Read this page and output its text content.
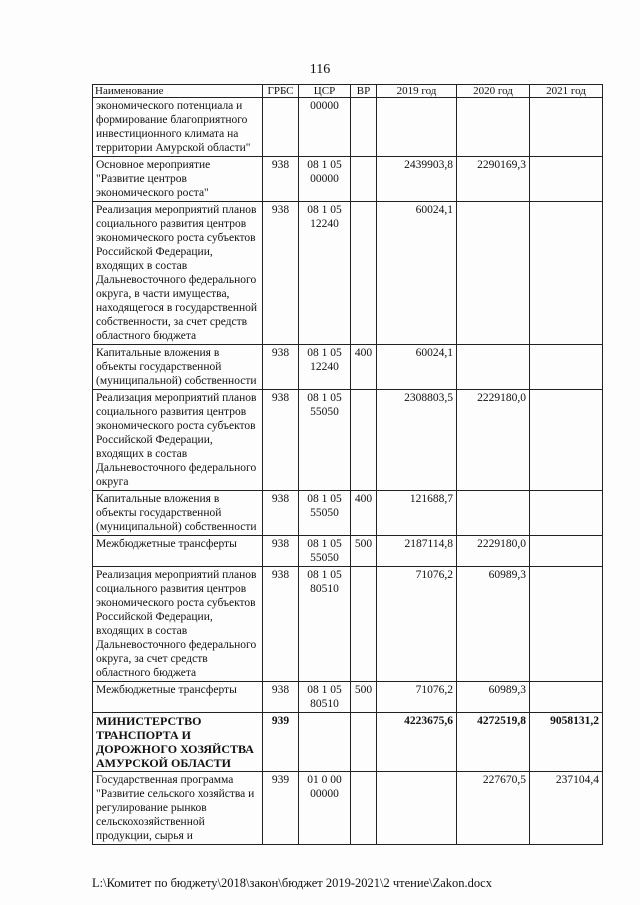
116
Наименование	ГРБС	ЦСР	ВР	2019 год	2020 год	2021 год
экономического потенциала и формирование благоприятного инвестиционного климата на территории Амурской области"		00000				
Основное мероприятие "Развитие центров экономического роста"	938	08 1 05 00000		2439903,8	2290169,3	
Реализация мероприятий планов социального развития центров экономического роста субъектов Российской Федерации, входящих в состав Дальневосточного федерального округа, в части имущества, находящегося в государственной собственности, за счет средств областного бюджета	938	08 1 05 12240		60024,1		
Капитальные вложения в объекты государственной (муниципальной) собственности	938	08 1 05 12240	400	60024,1		
Реализация мероприятий планов социального развития центров экономического роста субъектов Российской Федерации, входящих в состав Дальневосточного федерального округа	938	08 1 05 55050		2308803,5	2229180,0	
Капитальные вложения в объекты государственной (муниципальной) собственности	938	08 1 05 55050	400	121688,7		
Межбюджетные трансферты	938	08 1 05 55050	500	2187114,8	2229180,0	
Реализация мероприятий планов социального развития центров экономического роста субъектов Российской Федерации, входящих в состав Дальневосточного федерального округа, за счет средств областного бюджета	938	08 1 05 80510		71076,2	60989,3	
Межбюджетные трансферты	938	08 1 05 80510	500	71076,2	60989,3	
МИНИСТЕРСТВО ТРАНСПОРТА И ДОРОЖНОГО ХОЗЯЙСТВА АМУРСКОЙ ОБЛАСТИ	939			4223675,6	4272519,8	9058131,2
Государственная программа "Развитие сельского хозяйства и регулирование рынков сельскохозяйственной продукции, сырья и	939	01 0 00 00000			227670,5	237104,4
L:\Комитет по бюджету\2018\закон\бюджет 2019-2021\2 чтение\Zakon.docx
